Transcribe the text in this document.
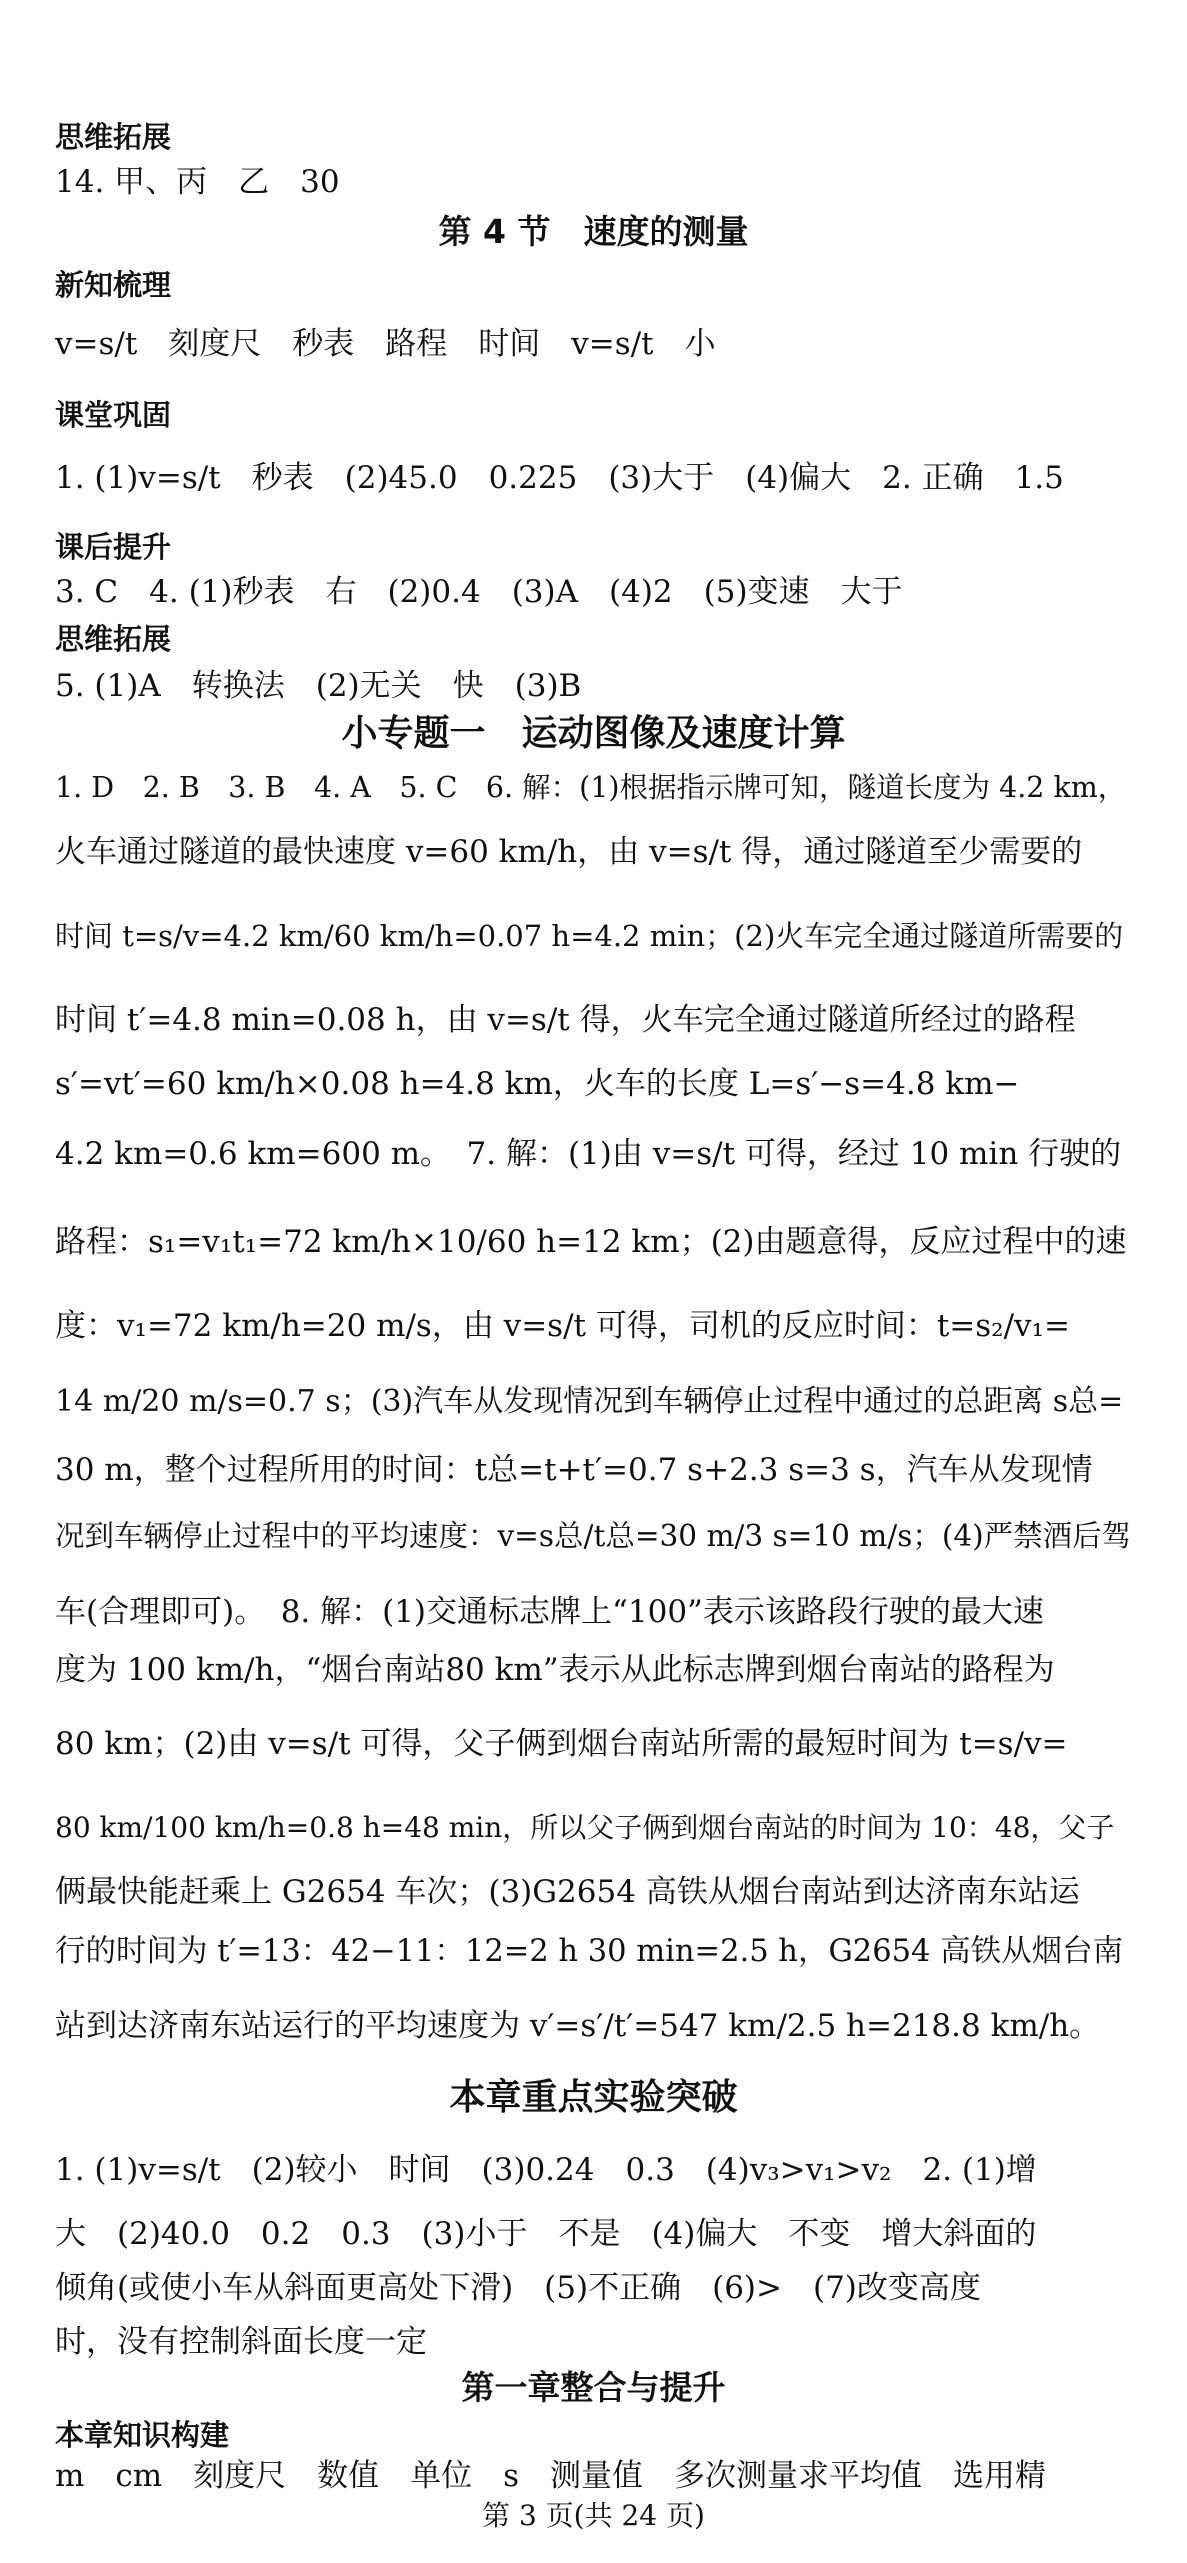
思维拓展
14. 甲、丙　乙　30
第 4 节　速度的测量
新知梳理
v=s/t　刻度尺　秒表　路程　时间　v=s/t　小
课堂巩固
1. (1)v=s/t　秒表　(2)45.0　0.225　(3)大于　(4)偏大　2. 正确　1.5
课后提升
3. C　4. (1)秒表　右　(2)0.4　(3)A　(4)2　(5)变速　大于
思维拓展
5. (1)A　转换法　(2)无关　快　(3)B
小专题一　运动图像及速度计算
1. D　2. B　3. B　4. A　5. C　6. 解：(1)根据指示牌可知，隧道长度为 4.2 km，
火车通过隧道的最快速度 v=60 km/h，由 v=s/t 得，通过隧道至少需要的
时间 t=s/v=4.2 km/60 km/h=0.07 h=4.2 min；(2)火车完全通过隧道所需要的
时间 t′=4.8 min=0.08 h，由 v=s/t 得，火车完全通过隧道所经过的路程
s′=vt′=60 km/h×0.08 h=4.8 km，火车的长度 L=s′−s=4.8 km−
4.2 km=0.6 km=600 m。　7. 解：(1)由 v=s/t 可得，经过 10 min 行驶的
路程：s₁=v₁t₁=72 km/h×10/60 h=12 km；(2)由题意得，反应过程中的速
度：v₁=72 km/h=20 m/s，由 v=s/t 可得，司机的反应时间：t=s₂/v₁=
14 m/20 m/s=0.7 s；(3)汽车从发现情况到车辆停止过程中通过的总距离 s总=
30 m，整个过程所用的时间：t总=t+t′=0.7 s+2.3 s=3 s，汽车从发现情
况到车辆停止过程中的平均速度：v=s总/t总=30 m/3 s=10 m/s；(4)严禁酒后驾
车(合理即可)。　8. 解：(1)交通标志牌上“100”表示该路段行驶的最大速
度为 100 km/h，“烟台南站80 km”表示从此标志牌到烟台南站的路程为
80 km；(2)由 v=s/t 可得，父子俩到烟台南站所需的最短时间为 t=s/v=
80 km/100 km/h=0.8 h=48 min，所以父子俩到烟台南站的时间为 10：48，父子
俩最快能赶乘上 G2654 车次；(3)G2654 高铁从烟台南站到达济南东站运
行的时间为 t′=13：42−11：12=2 h 30 min=2.5 h，G2654 高铁从烟台南
站到达济南东站运行的平均速度为 v′=s′/t′=547 km/2.5 h=218.8 km/h。
本章重点实验突破
1. (1)v=s/t　(2)较小　时间　(3)0.24　0.3　(4)v₃>v₁>v₂　2. (1)增
大　(2)40.0　0.2　0.3　(3)小于　不是　(4)偏大　不变　增大斜面的
倾角(或使小车从斜面更高处下滑)　(5)不正确　(6)>　(7)改变高度
时，没有控制斜面长度一定
第一章整合与提升
本章知识构建
m　cm　刻度尺　数值　单位　s　测量值　多次测量求平均值　选用精
第 3 页(共 24 页)
